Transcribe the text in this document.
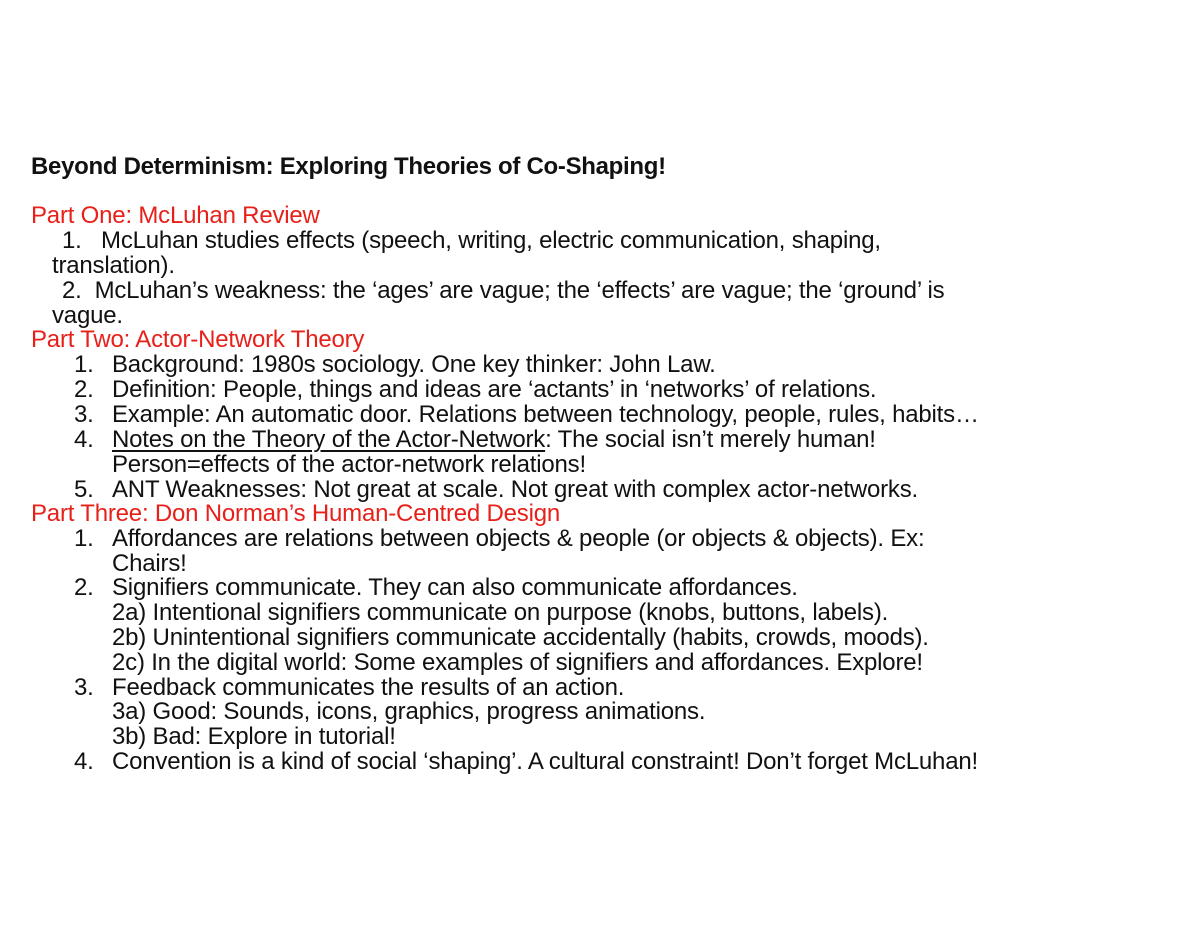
Beyond Determinism: Exploring Theories of Co-Shaping!
Part One: McLuhan Review
1. McLuhan studies effects (speech, writing, electric communication, shaping,
translation).
2. McLuhan’s weakness: the ‘ages’ are vague; the ‘effects’ are vague; the ‘ground’ is
vague.
Part Two: Actor-Network Theory
1. Background: 1980s sociology. One key thinker: John Law.
2. Definition: People, things and ideas are ‘actants’ in ‘networks’ of relations.
3. Example: An automatic door. Relations between technology, people, rules, habits…
4. Notes on the Theory of the Actor-Network: The social isn’t merely human!
Person=effects of the actor-network relations!
5. ANT Weaknesses: Not great at scale. Not great with complex actor-networks.
Part Three: Don Norman’s Human-Centred Design
1. Affordances are relations between objects & people (or objects & objects). Ex:
Chairs!
2. Signifiers communicate. They can also communicate affordances.
2a) Intentional signifiers communicate on purpose (knobs, buttons, labels).
2b) Unintentional signifiers communicate accidentally (habits, crowds, moods).
2c) In the digital world: Some examples of signifiers and affordances. Explore!
3. Feedback communicates the results of an action.
3a) Good: Sounds, icons, graphics, progress animations.
3b) Bad: Explore in tutorial!
4. Convention is a kind of social ‘shaping’. A cultural constraint! Don’t forget McLuhan!
